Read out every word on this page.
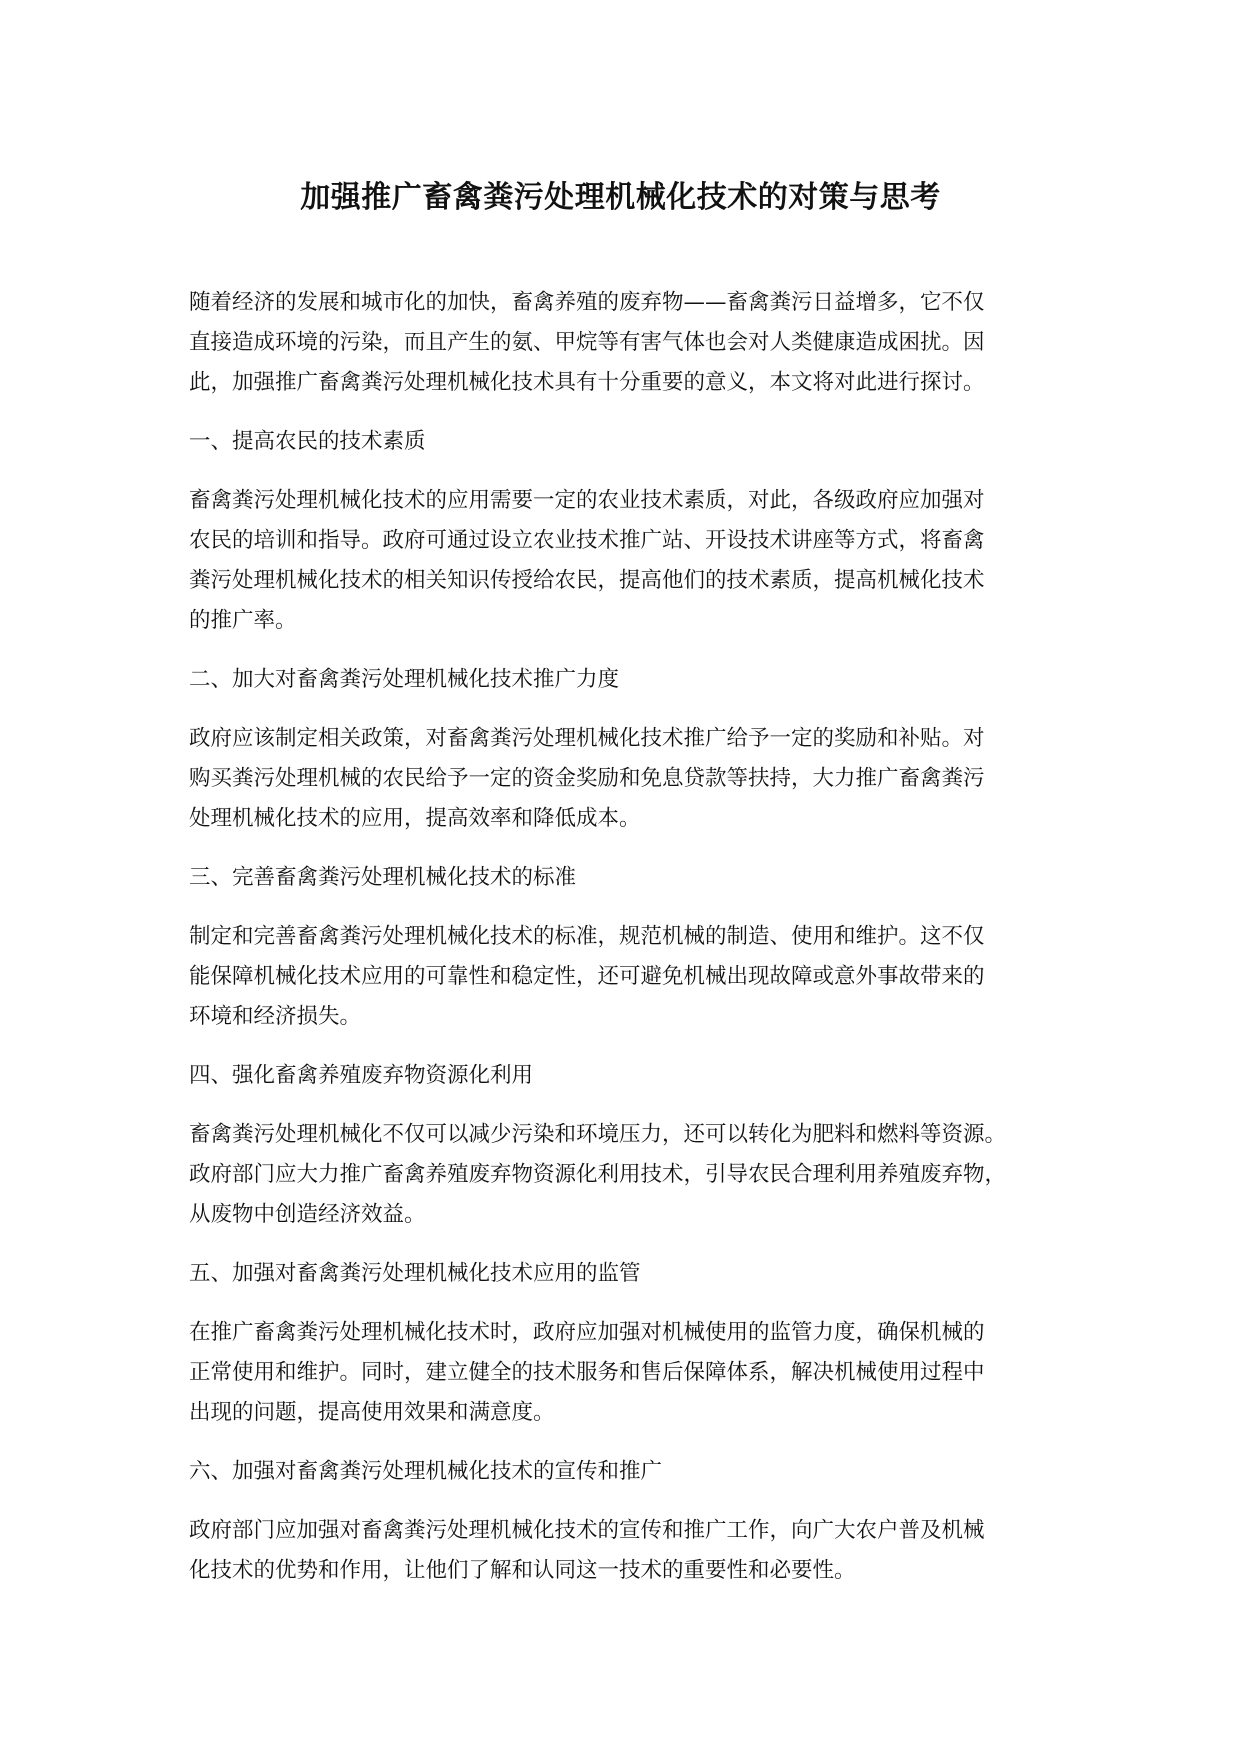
加强推广畜禽粪污处理机械化技术的对策与思考

随着经济的发展和城市化的加快，畜禽养殖的废弃物——畜禽粪污日益增多，它不仅
直接造成环境的污染，而且产生的氨、甲烷等有害气体也会对人类健康造成困扰。因
此，加强推广畜禽粪污处理机械化技术具有十分重要的意义，本文将对此进行探讨。

一、提高农民的技术素质

畜禽粪污处理机械化技术的应用需要一定的农业技术素质，对此，各级政府应加强对
农民的培训和指导。政府可通过设立农业技术推广站、开设技术讲座等方式，将畜禽
粪污处理机械化技术的相关知识传授给农民，提高他们的技术素质，提高机械化技术
的推广率。

二、加大对畜禽粪污处理机械化技术推广力度

政府应该制定相关政策，对畜禽粪污处理机械化技术推广给予一定的奖励和补贴。对
购买粪污处理机械的农民给予一定的资金奖励和免息贷款等扶持，大力推广畜禽粪污
处理机械化技术的应用，提高效率和降低成本。

三、完善畜禽粪污处理机械化技术的标准

制定和完善畜禽粪污处理机械化技术的标准，规范机械的制造、使用和维护。这不仅
能保障机械化技术应用的可靠性和稳定性，还可避免机械出现故障或意外事故带来的
环境和经济损失。

四、强化畜禽养殖废弃物资源化利用

畜禽粪污处理机械化不仅可以减少污染和环境压力，还可以转化为肥料和燃料等资源。
政府部门应大力推广畜禽养殖废弃物资源化利用技术，引导农民合理利用养殖废弃物，
从废物中创造经济效益。

五、加强对畜禽粪污处理机械化技术应用的监管

在推广畜禽粪污处理机械化技术时，政府应加强对机械使用的监管力度，确保机械的
正常使用和维护。同时，建立健全的技术服务和售后保障体系，解决机械使用过程中
出现的问题，提高使用效果和满意度。

六、加强对畜禽粪污处理机械化技术的宣传和推广

政府部门应加强对畜禽粪污处理机械化技术的宣传和推广工作，向广大农户普及机械
化技术的优势和作用，让他们了解和认同这一技术的重要性和必要性。
